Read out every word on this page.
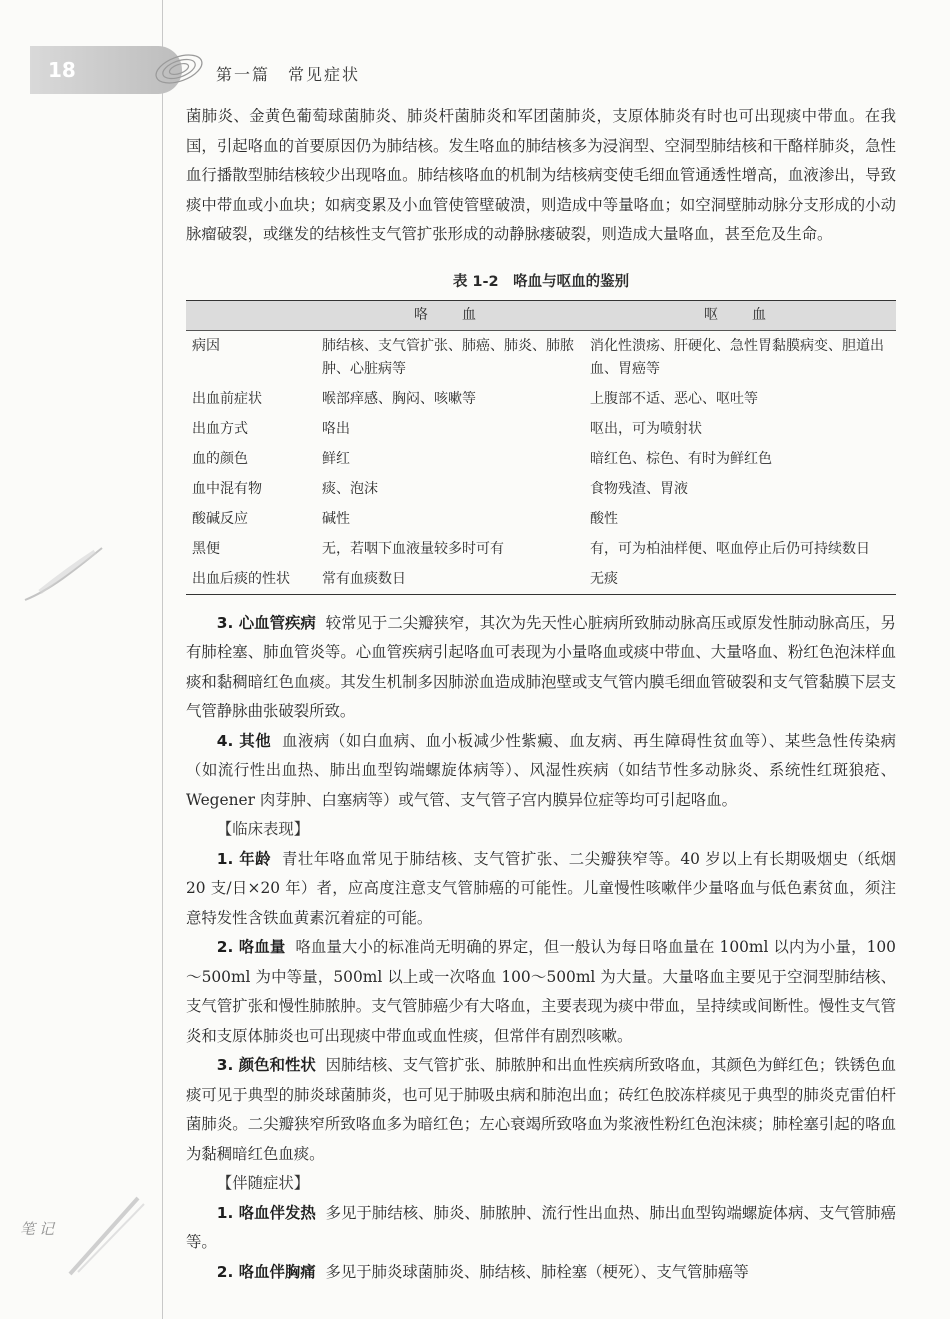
18	第一篇　常见症状

菌肺炎、金黄色葡萄球菌肺炎、肺炎杆菌肺炎和军团菌肺炎，支原体肺炎有时也可出现痰中带血。在我国，引起咯血的首要原因仍为肺结核。发生咯血的肺结核多为浸润型、空洞型肺结核和干酪样肺炎，急性血行播散型肺结核较少出现咯血。肺结核咯血的机制为结核病变使毛细血管通透性增高，血液渗出，导致痰中带血或小血块；如病变累及小血管使管壁破溃，则造成中等量咯血；如空洞壁肺动脉分支形成的小动脉瘤破裂，或继发的结核性支气管扩张形成的动静脉瘘破裂，则造成大量咯血，甚至危及生命。

表 1-2　咯血与呕血的鉴别
	咯　血	呕　血
病因	肺结核、支气管扩张、肺癌、肺炎、肺脓肿、心脏病等	消化性溃疡、肝硬化、急性胃黏膜病变、胆道出血、胃癌等
出血前症状	喉部痒感、胸闷、咳嗽等	上腹部不适、恶心、呕吐等
出血方式	咯出	呕出，可为喷射状
血的颜色	鲜红	暗红色、棕色、有时为鲜红色
血中混有物	痰、泡沫	食物残渣、胃液
酸碱反应	碱性	酸性
黑便	无，若咽下血液量较多时可有	有，可为柏油样便、呕血停止后仍可持续数日
出血后痰的性状	常有血痰数日	无痰

3. 心血管疾病 较常见于二尖瓣狭窄，其次为先天性心脏病所致肺动脉高压或原发性肺动脉高压，另有肺栓塞、肺血管炎等。心血管疾病引起咯血可表现为小量咯血或痰中带血、大量咯血、粉红色泡沫样血痰和黏稠暗红色血痰。其发生机制多因肺淤血造成肺泡壁或支气管内膜毛细血管破裂和支气管黏膜下层支气管静脉曲张破裂所致。

4. 其他 血液病（如白血病、血小板减少性紫癜、血友病、再生障碍性贫血等）、某些急性传染病（如流行性出血热、肺出血型钩端螺旋体病等）、风湿性疾病（如结节性多动脉炎、系统性红斑狼疮、Wegener 肉芽肿、白塞病等）或气管、支气管子宫内膜异位症等均可引起咯血。

【临床表现】

1. 年龄 青壮年咯血常见于肺结核、支气管扩张、二尖瓣狭窄等。40 岁以上有长期吸烟史（纸烟 20 支/日×20 年）者，应高度注意支气管肺癌的可能性。儿童慢性咳嗽伴少量咯血与低色素贫血，须注意特发性含铁血黄素沉着症的可能。

2. 咯血量 咯血量大小的标准尚无明确的界定，但一般认为每日咯血量在 100ml 以内为小量，100～500ml 为中等量，500ml 以上或一次咯血 100～500ml 为大量。大量咯血主要见于空洞型肺结核、支气管扩张和慢性肺脓肿。支气管肺癌少有大咯血，主要表现为痰中带血，呈持续或间断性。慢性支气管炎和支原体肺炎也可出现痰中带血或血性痰，但常伴有剧烈咳嗽。

3. 颜色和性状 因肺结核、支气管扩张、肺脓肿和出血性疾病所致咯血，其颜色为鲜红色；铁锈色血痰可见于典型的肺炎球菌肺炎，也可见于肺吸虫病和肺泡出血；砖红色胶冻样痰见于典型的肺炎克雷伯杆菌肺炎。二尖瓣狭窄所致咯血多为暗红色；左心衰竭所致咯血为浆液性粉红色泡沫痰；肺栓塞引起的咯血为黏稠暗红色血痰。

【伴随症状】

1. 咯血伴发热 多见于肺结核、肺炎、肺脓肿、流行性出血热、肺出血型钩端螺旋体病、支气管肺癌等。

2. 咯血伴胸痛 多见于肺炎球菌肺炎、肺结核、肺栓塞（梗死）、支气管肺癌等

笔记
